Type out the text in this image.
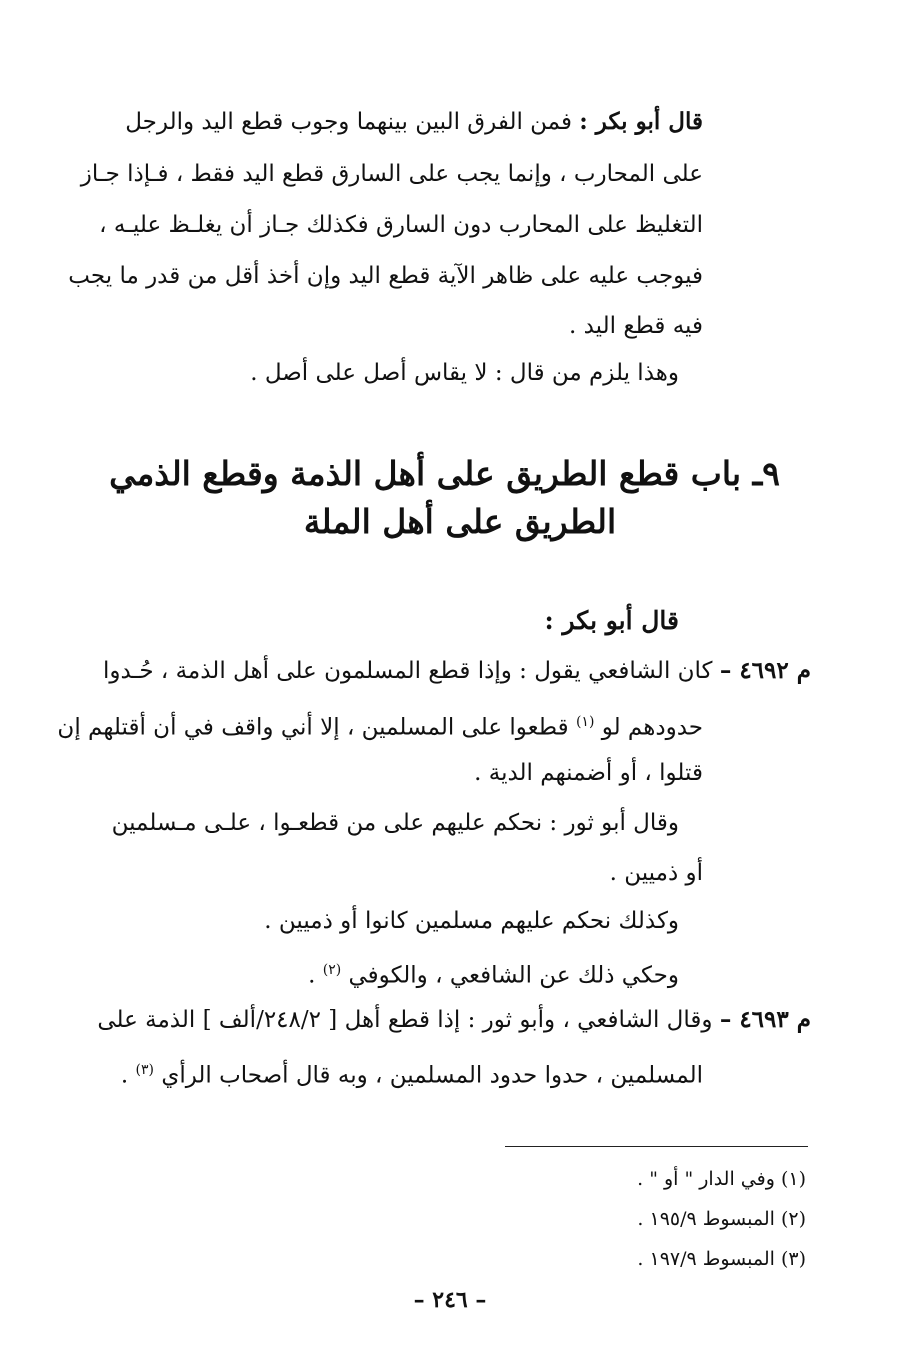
قال أبو بكر : فمن الفرق البين بينهما وجوب قطع اليد والرجل
على المحارب ، وإنما يجب على السارق قطع اليد فقط ، فـإذا جـاز
التغليظ على المحارب دون السارق فكذلك جـاز أن يغلـظ عليـه ،
فيوجب عليه على ظاهر الآية قطع اليد وإن أخذ أقل من قدر ما يجب
فيه قطع اليد .
وهذا يلزم من قال : لا يقاس أصل على أصل .
٩ـ باب قطع الطريق على أهل الذمة وقطع الذمي
الطريق على أهل الملة
قال أبو بكر :
م ٤٦٩٢ – كان الشافعي يقول : وإذا قطع المسلمون على أهل الذمة ، حُـدوا
حدودهم لو $^{(١)}$ قطعوا على المسلمين ، إلا أني واقف في أن أقتلهم إن
قتلوا ، أو أضمنهم الدية .
وقال أبو ثور : نحكم عليهم على من قطعـوا ، علـى مـسلمين
أو ذميين .
وكذلك نحكم عليهم مسلمين كانوا أو ذميين .
وحكي ذلك عن الشافعي ، والكوفي $^{(٢)}$ .
م ٤٦٩٣ – وقال الشافعي ، وأبو ثور : إذا قطع أهل [ ٢٤٨/٢/ألف ] الذمة على
المسلمين ، حدوا حدود المسلمين ، وبه قال أصحاب الرأي $^{(٣)}$ .
(١) وفي الدار " أو " .
(٢) المبسوط ١٩٥/٩ .
(٣) المبسوط ١٩٧/٩ .
– ٢٤٦ –
